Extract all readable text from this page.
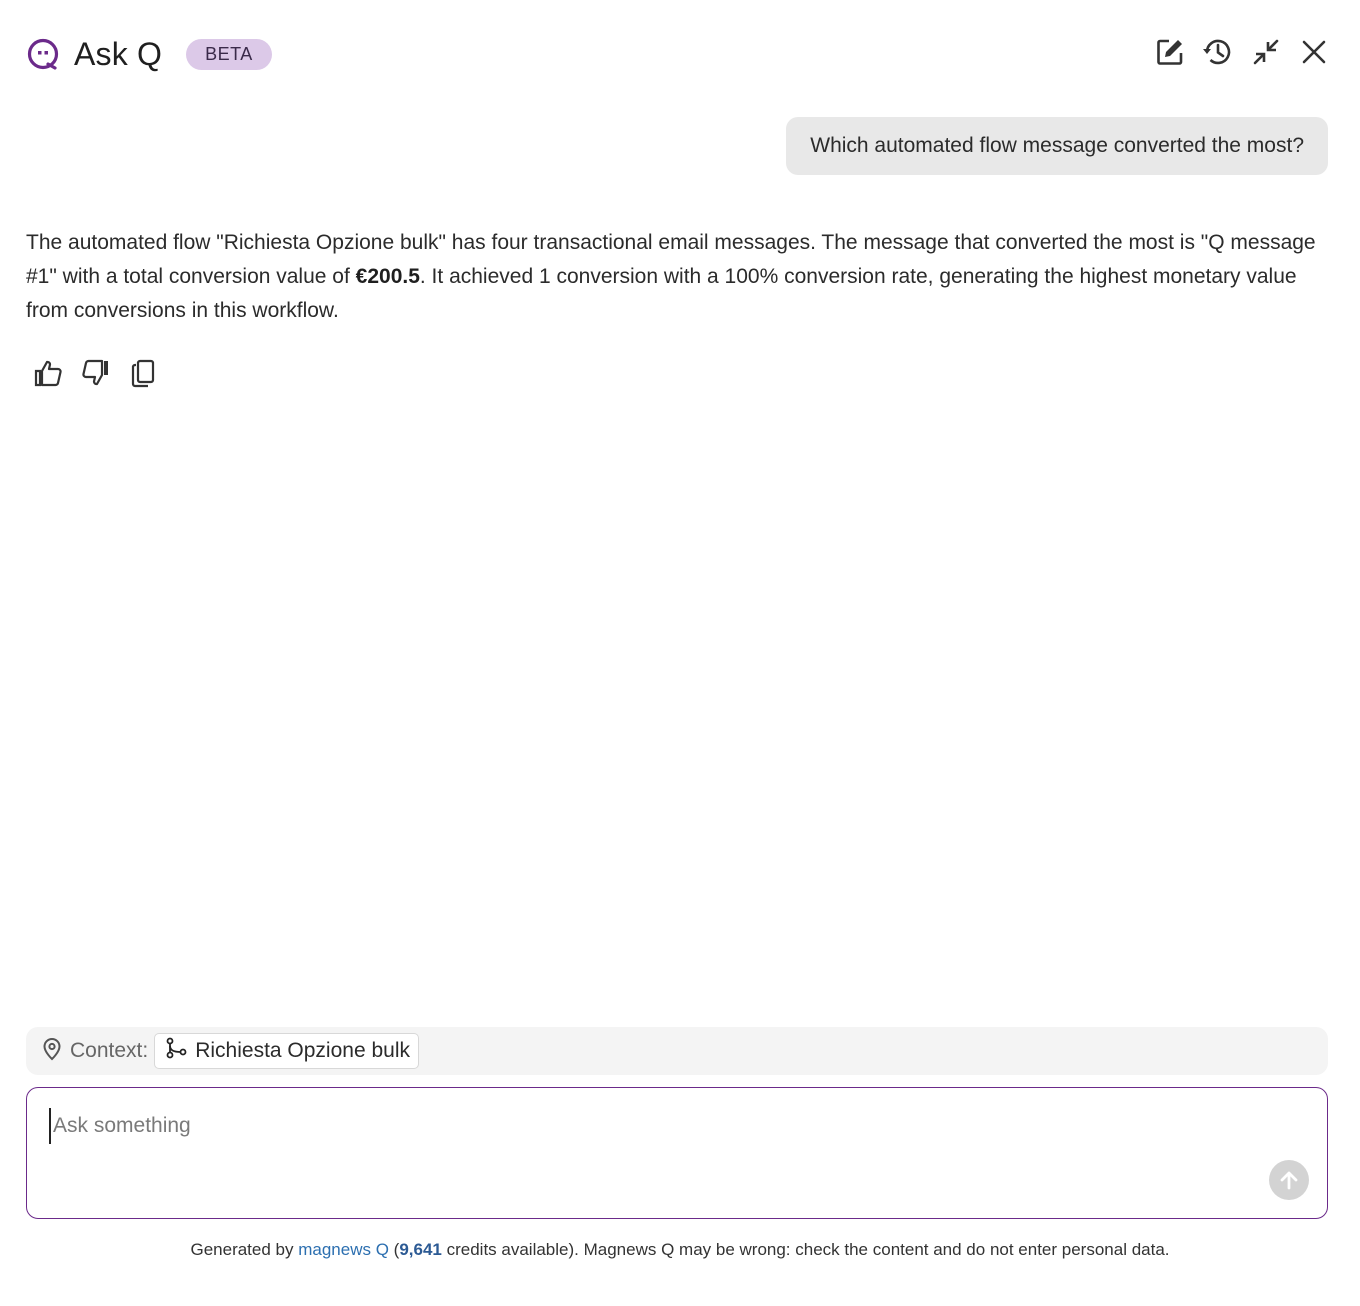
Ask Q	BETA
Which automated flow message converted the most?
The automated flow "Richiesta Opzione bulk" has four transactional email messages. The message that converted the most is "Q message #1" with a total conversion value of €200.5. It achieved 1 conversion with a 100% conversion rate, generating the highest monetary value from conversions in this workflow.
Context: Richiesta Opzione bulk
Ask something
Generated by magnews Q (9,641 credits available). Magnews Q may be wrong: check the content and do not enter personal data.
